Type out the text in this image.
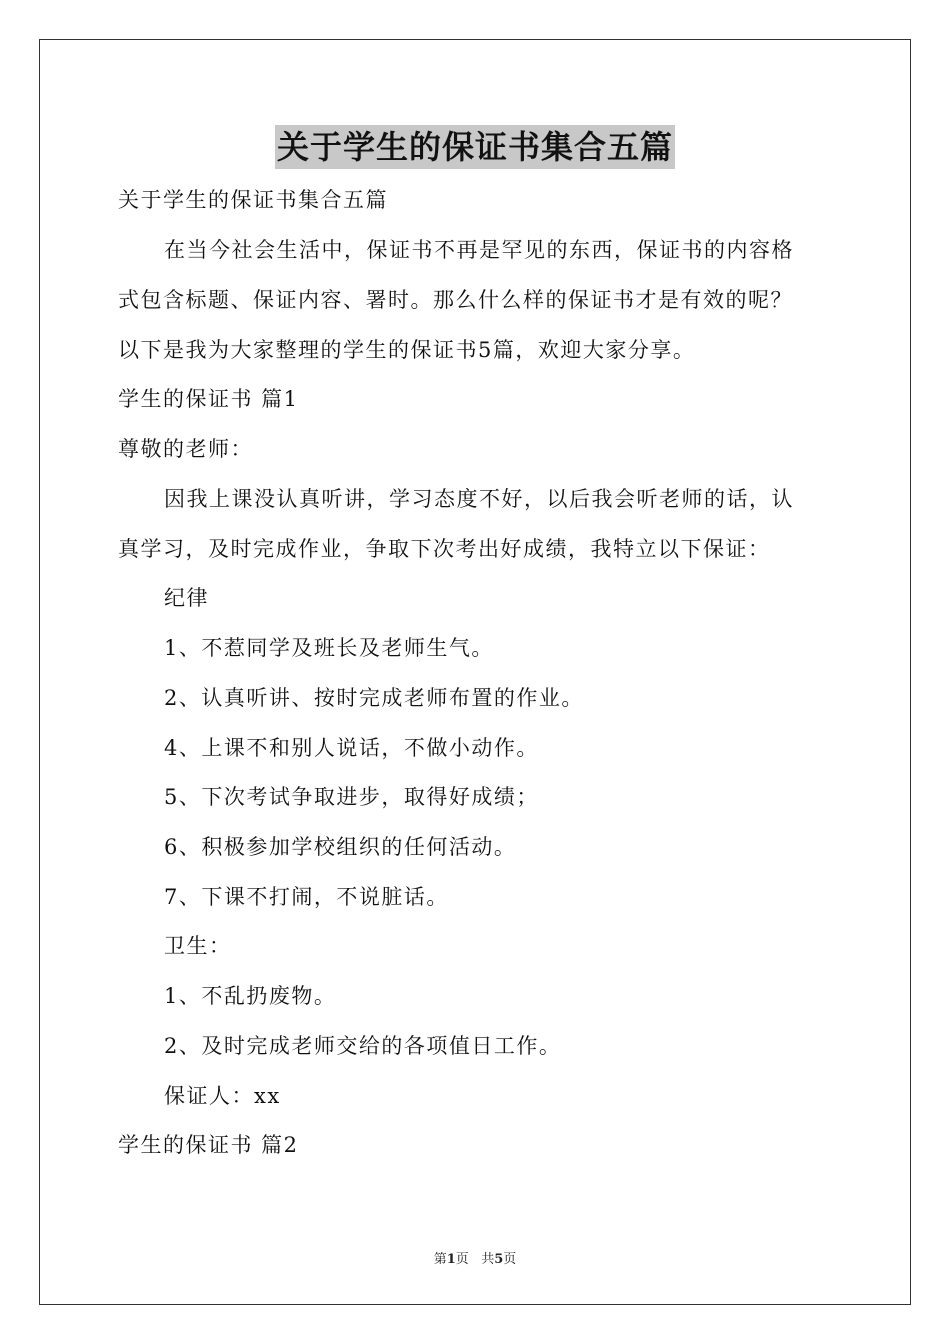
关于学生的保证书集合五篇
关于学生的保证书集合五篇
在当今社会生活中，保证书不再是罕见的东西，保证书的内容格
式包含标题、保证内容、署时。那么什么样的保证书才是有效的呢？
以下是我为大家整理的学生的保证书5篇，欢迎大家分享。
学生的保证书 篇1
尊敬的老师：
因我上课没认真听讲，学习态度不好，以后我会听老师的话，认
真学习，及时完成作业，争取下次考出好成绩，我特立以下保证：
纪律
1、不惹同学及班长及老师生气。
2、认真听讲、按时完成老师布置的作业。
4、上课不和别人说话，不做小动作。
5、下次考试争取进步，取得好成绩；
6、积极参加学校组织的任何活动。
7、下课不打闹，不说脏话。
卫生：
1、不乱扔废物。
2、及时完成老师交给的各项值日工作。
保证人：xx
学生的保证书 篇2
第1页 共5页
